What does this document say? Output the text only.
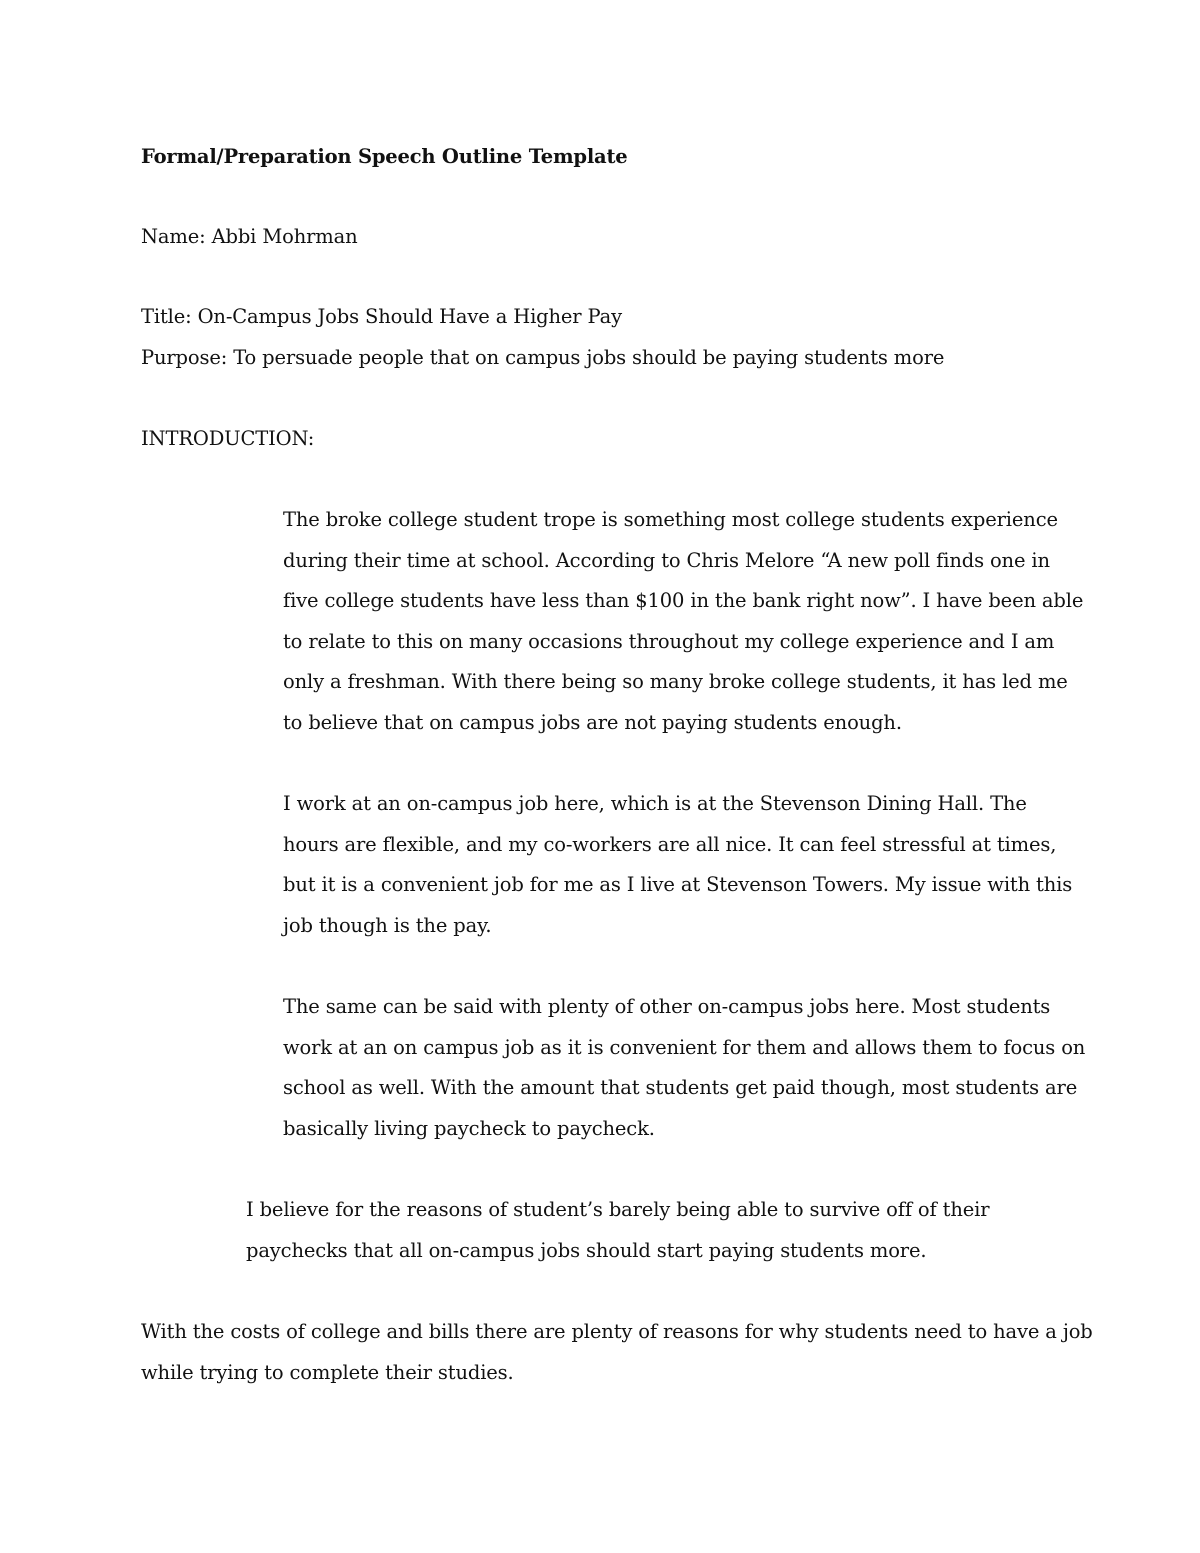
Formal/Preparation Speech Outline Template

Name: Abbi Mohrman

Title: On-Campus Jobs Should Have a Higher Pay

Purpose: To persuade people that on campus jobs should be paying students more

INTRODUCTION:

The broke college student trope is something most college students experience
during their time at school. According to Chris Melore “A new poll finds one in
five college students have less than $100 in the bank right now”. I have been able
to relate to this on many occasions throughout my college experience and I am
only a freshman. With there being so many broke college students, it has led me
to believe that on campus jobs are not paying students enough.
I work at an on-campus job here, which is at the Stevenson Dining Hall. The
hours are flexible, and my co-workers are all nice. It can feel stressful at times,
but it is a convenient job for me as I live at Stevenson Towers. My issue with this
job though is the pay.
The same can be said with plenty of other on-campus jobs here. Most students
work at an on campus job as it is convenient for them and allows them to focus on
school as well. With the amount that students get paid though, most students are
basically living paycheck to paycheck.
I believe for the reasons of student’s barely being able to survive off of their
paychecks that all on-campus jobs should start paying students more.
With the costs of college and bills there are plenty of reasons for why students need to have a job
while trying to complete their studies.
